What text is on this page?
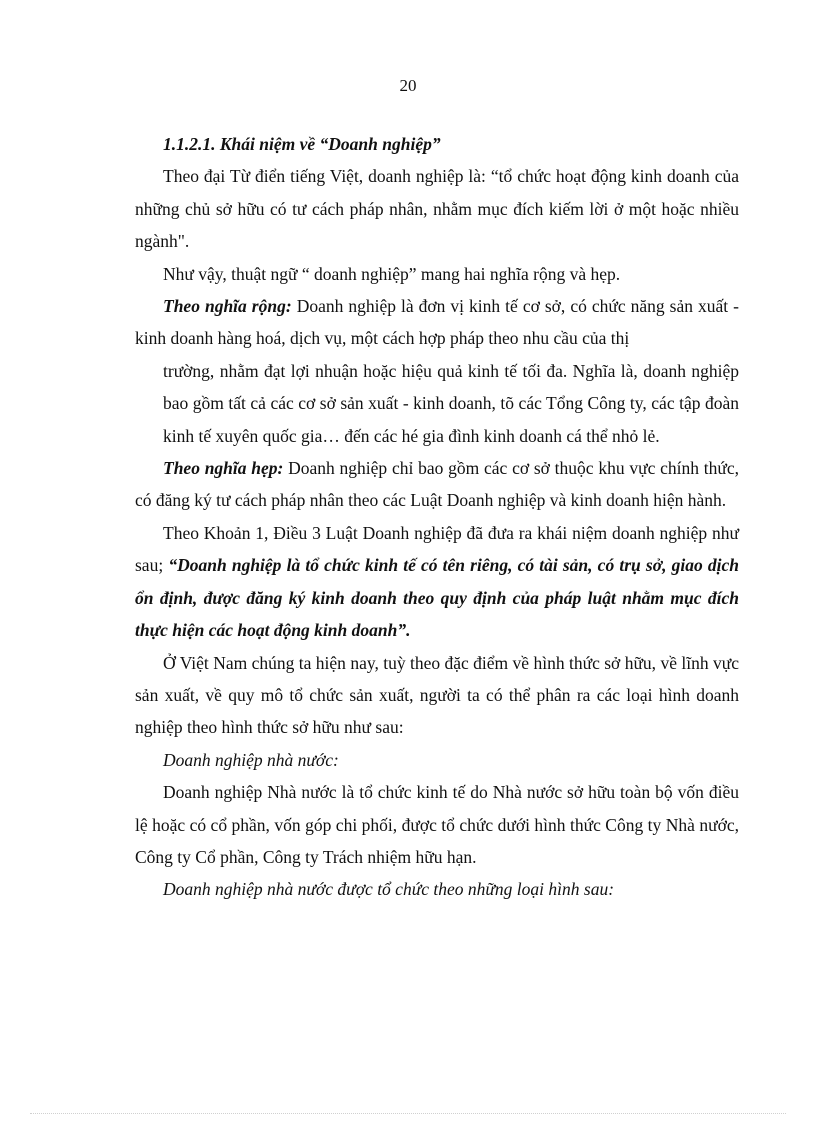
20

1.1.2.1. Khái niệm về “Doanh nghiệp”

Theo đại Từ điển tiếng Việt, doanh nghiệp là: “tổ chức hoạt động kinh doanh của những chủ sở hữu có tư cách pháp nhân, nhằm mục đích kiếm lời ở một hoặc nhiều ngành".

Như vậy, thuật ngữ “ doanh nghiệp” mang hai nghĩa rộng và hẹp.

Theo nghĩa rộng: Doanh nghiệp là đơn vị kinh tế cơ sở, có chức năng sản xuất - kinh doanh hàng hoá, dịch vụ, một cách hợp pháp theo nhu cầu của thị

trường, nhằm đạt lợi nhuận hoặc hiệu quả kinh tế tối đa. Nghĩa là, doanh nghiệp bao gồm tất cả các cơ sở sản xuất - kinh doanh, tõ các Tổng Công ty, các tập đoàn kinh tế xuyên quốc gia… đến các hé gia đình kinh doanh cá thể nhỏ lẻ.

Theo nghĩa hẹp: Doanh nghiệp chỉ bao gồm các cơ sở thuộc khu vực chính thức, có đăng ký tư cách pháp nhân theo các Luật Doanh nghiệp và kinh doanh hiện hành.

Theo Khoản 1, Điều 3 Luật Doanh nghiệp đã đưa ra khái niệm doanh nghiệp như sau; “Doanh nghiệp là tổ chức kinh tế có tên riêng, có tài sản, có trụ sở, giao dịch ổn định, được đăng ký kinh doanh theo quy định của pháp luật nhằm mục đích thực hiện các hoạt động kinh doanh”.

Ở Việt Nam chúng ta hiện nay, tuỳ theo đặc điểm về hình thức sở hữu, về lĩnh vực sản xuất, về quy mô tổ chức sản xuất, người ta có thể phân ra các loại hình doanh nghiệp theo hình thức sở hữu như sau:

Doanh nghiệp nhà nước:

Doanh nghiệp Nhà nước là tổ chức kinh tế do Nhà nước sở hữu toàn bộ vốn điều lệ hoặc có cổ phần, vốn góp chi phối, được tổ chức dưới hình thức Công ty Nhà nước, Công ty Cổ phần, Công ty Trách nhiệm hữu hạn.

Doanh nghiệp nhà nước được tổ chức theo những loại hình sau:
